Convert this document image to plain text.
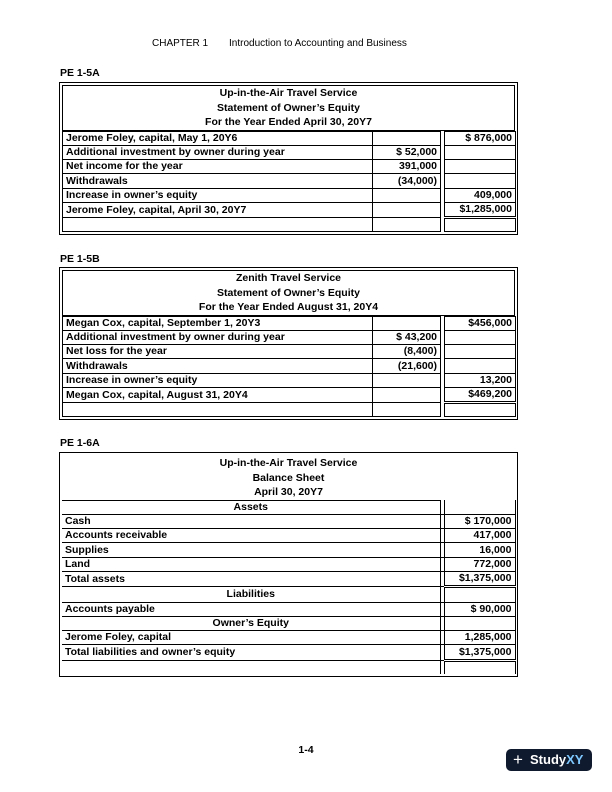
CHAPTER 1 Introduction to Accounting and Business
PE 1-5A
Up-in-the-Air Travel Service
Statement of Owner’s Equity
For the Year Ended April 30, 20Y7
Jerome Foley, capital, May 1, 20Y6			$ 876,000
Additional investment by owner during year	$ 52,000		
Net income for the year	391,000		
Withdrawals	(34,000)		
Increase in owner’s equity			409,000
Jerome Foley, capital, April 30, 20Y7			$1,285,000

PE 1-5B
Zenith Travel Service
Statement of Owner’s Equity
For the Year Ended August 31, 20Y4
Megan Cox, capital, September 1, 20Y3			$456,000
Additional investment by owner during year	$ 43,200		
Net loss for the year	(8,400)		
Withdrawals	(21,600)		
Increase in owner’s equity			13,200
Megan Cox, capital, August 31, 20Y4			$469,200

PE 1-6A
Up-in-the-Air Travel Service
Balance Sheet
April 30, 20Y7
Assets		
Cash		$ 170,000
Accounts receivable		417,000
Supplies		16,000
Land		772,000
Total assets		$1,375,000
Liabilities		
Accounts payable		$ 90,000
Owner’s Equity		
Jerome Foley, capital		1,285,000
Total liabilities and owner’s equity		$1,375,000

1-4	+ StudyXY
